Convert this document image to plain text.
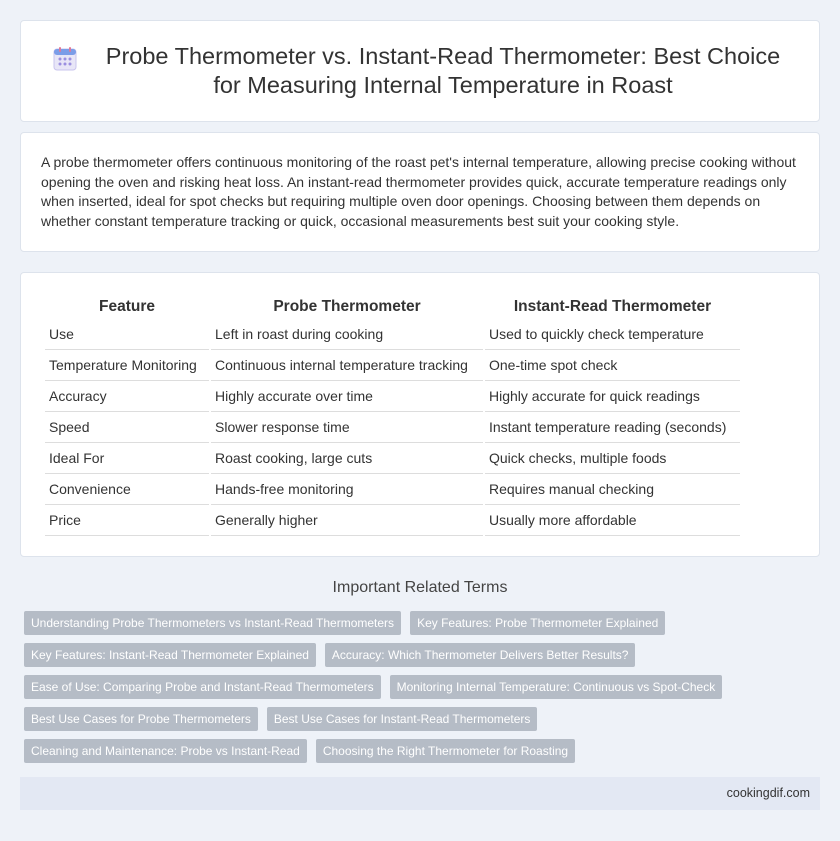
Probe Thermometer vs. Instant-Read Thermometer: Best Choice for Measuring Internal Temperature in Roast

A probe thermometer offers continuous monitoring of the roast pet's internal temperature, allowing precise cooking without opening the oven and risking heat loss. An instant-read thermometer provides quick, accurate temperature readings only when inserted, ideal for spot checks but requiring multiple oven door openings. Choosing between them depends on whether constant temperature tracking or quick, occasional measurements best suit your cooking style.

Feature	Probe Thermometer	Instant-Read Thermometer
Use	Left in roast during cooking	Used to quickly check temperature
Temperature Monitoring	Continuous internal temperature tracking	One-time spot check
Accuracy	Highly accurate over time	Highly accurate for quick readings
Speed	Slower response time	Instant temperature reading (seconds)
Ideal For	Roast cooking, large cuts	Quick checks, multiple foods
Convenience	Hands-free monitoring	Requires manual checking
Price	Generally higher	Usually more affordable
Important Related Terms
Understanding Probe Thermometers vs Instant-Read Thermometers	Key Features: Probe Thermometer Explained
Key Features: Instant-Read Thermometer Explained	Accuracy: Which Thermometer Delivers Better Results?
Ease of Use: Comparing Probe and Instant-Read Thermometers	Monitoring Internal Temperature: Continuous vs Spot-Check
Best Use Cases for Probe Thermometers	Best Use Cases for Instant-Read Thermometers
Cleaning and Maintenance: Probe vs Instant-Read	Choosing the Right Thermometer for Roasting
cookingdif.com
